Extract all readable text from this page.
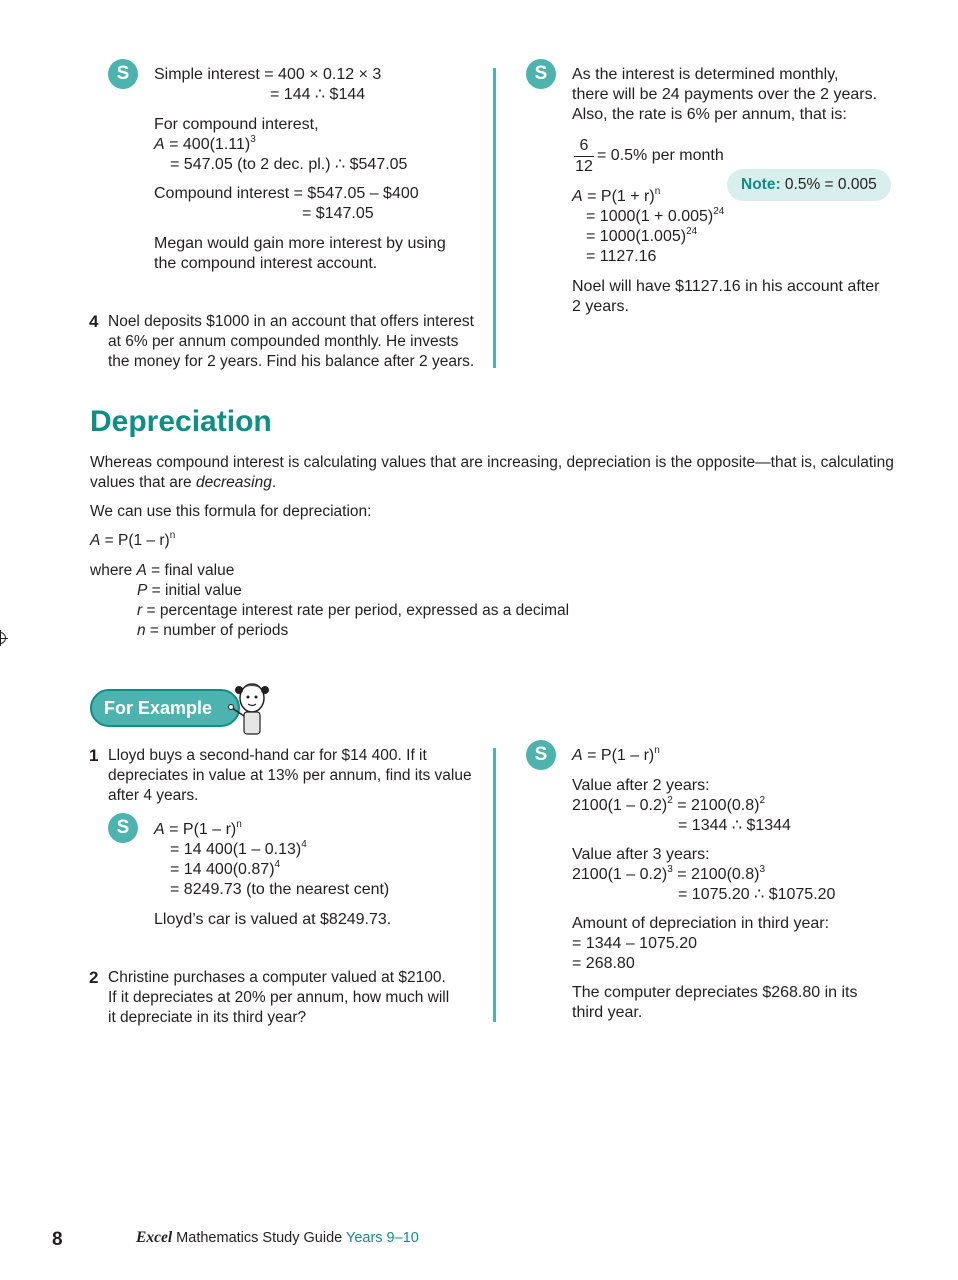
S	Simple interest = 400 × 0.12 × 3
= 144 ∴ $144
For compound interest,
$A = 400(1.11)^3$
= 547.05 (to 2 dec. pl.) ∴ $547.05
Compound interest = $547.05 – $400
= $147.05
Megan would gain more interest by using
the compound interest account.
4 Noel deposits $1000 in an account that offers interest
at 6% per annum compounded monthly. He invests
the money for 2 years. Find his balance after 2 years.
S	As the interest is determined monthly,
there will be 24 payments over the 2 years.
Also, the rate is 6% per annum, that is:
$\frac{6}{12} = 0.5\%$ per month
Note: 0.5% = 0.005
$A = P(1 + r)^n$
= $1000(1 + 0.005)^{24}$
= $1000(1.005)^{24}$
= 1127.16
Noel will have $1127.16 in his account after
2 years.
Depreciation
Whereas compound interest is calculating values that are increasing, depreciation is the opposite—that is, calculating
values that are decreasing.
We can use this formula for depreciation:
A = P(1 – r)$^n$
where A = final value
P = initial value
r = percentage interest rate per period, expressed as a decimal
n = number of periods
For Example
1 Lloyd buys a second-hand car for $14 400. If it
depreciates in value at 13% per annum, find its value
after 4 years.
S	A = P(1 – r)$^n$
= 14 400(1 – 0.13)$^4$
= 14 $400(0.87)^4$
= 8249.73 (to the nearest cent)
Lloyd’s car is valued at $8249.73.
2 Christine purchases a computer valued at $2100.
If it depreciates at 20% per annum, how much will
it depreciate in its third year?
S	A = P(1 – r)$^n$
Value after 2 years:
$2100(1 - 0.2)^2 = 2100(0.8)^2$
= 1344 ∴ $1344
Value after 3 years:
$2100(1 - 0.2)^3 = 2100(0.8)^3$
= 1075.20 ∴ $1075.20
Amount of depreciation in third year:
= 1344 – 1075.20
= 268.80
The computer depreciates $268.80 in its
third year.
8	Excel Mathematics Study Guide Years 9–10
